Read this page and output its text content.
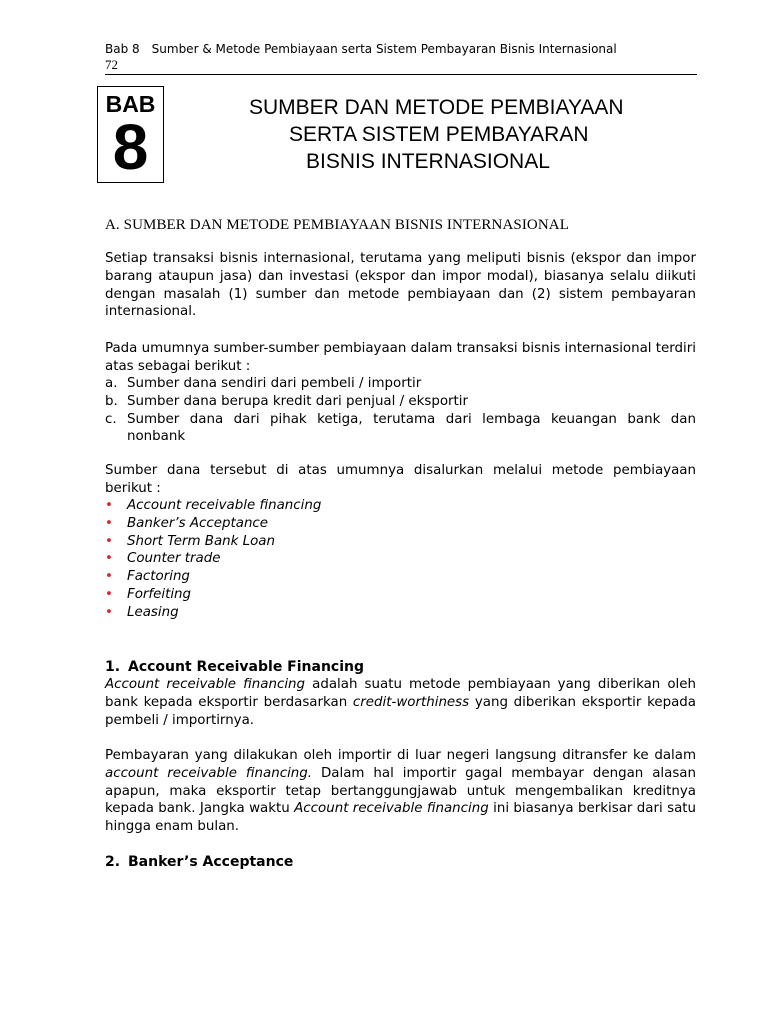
Bab 8 Sumber & Metode Pembiayaan serta Sistem Pembayaran Bisnis Internasional
72
BAB
8
SUMBER DAN METODE PEMBIAYAAN
SERTA SISTEM PEMBAYARAN
BISNIS INTERNASIONAL
A. SUMBER DAN METODE PEMBIAYAAN BISNIS INTERNASIONAL

Setiap transaksi bisnis internasional, terutama yang meliputi bisnis (ekspor dan impor barang ataupun jasa) dan investasi (ekspor dan impor modal), biasanya selalu diikuti dengan masalah (1) sumber dan metode pembiayaan dan (2) sistem pembayaran internasional.

Pada umumnya sumber-sumber pembiayaan dalam transaksi bisnis internasional terdiri atas sebagai berikut :

a. Sumber dana sendiri dari pembeli / importir
b. Sumber dana berupa kredit dari penjual / eksportir
c. Sumber dana dari pihak ketiga, terutama dari lembaga keuangan bank dan nonbank

Sumber dana tersebut di atas umumnya disalurkan melalui metode pembiayaan berikut :

• Account receivable financing
• Banker’s Acceptance
• Short Term Bank Loan
• Counter trade
• Factoring
• Forfeiting
• Leasing
1. Account Receivable Financing

Account receivable financing adalah suatu metode pembiayaan yang diberikan oleh bank kepada eksportir berdasarkan credit-worthiness yang diberikan eksportir kepada pembeli / importirnya.

Pembayaran yang dilakukan oleh importir di luar negeri langsung ditransfer ke dalam account receivable financing. Dalam hal importir gagal membayar dengan alasan apapun, maka eksportir tetap bertanggungjawab untuk mengembalikan kreditnya kepada bank. Jangka waktu Account receivable financing ini biasanya berkisar dari satu hingga enam bulan.

2. Banker’s Acceptance
